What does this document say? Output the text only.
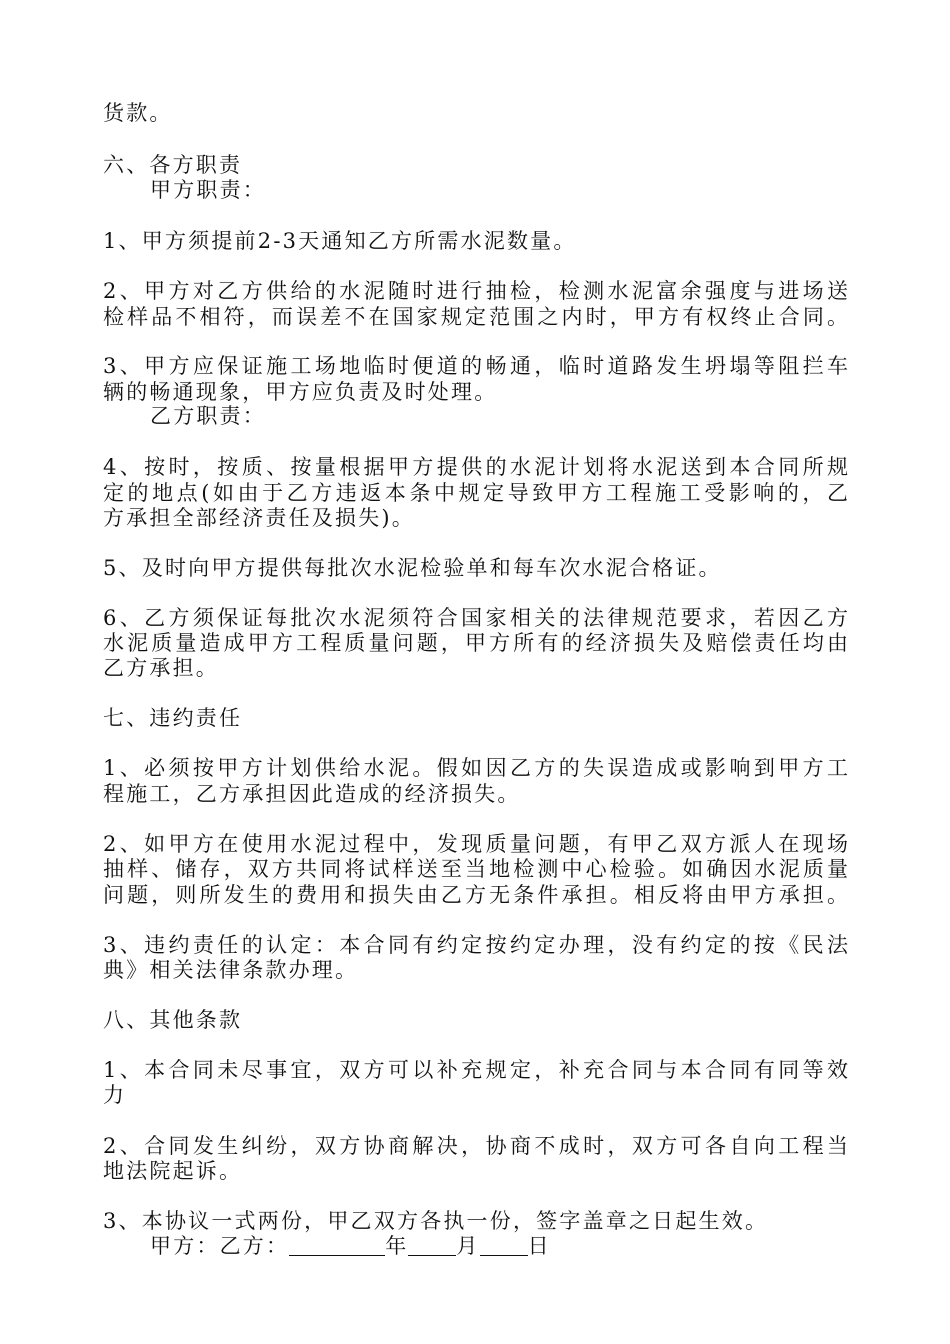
货款。
六、各方职责
甲方职责：
1、甲方须提前2-3天通知乙方所需水泥数量。
2、甲方对乙方供给的水泥随时进行抽检，检测水泥富余强度与进场送
检样品不相符，而误差不在国家规定范围之内时，甲方有权终止合同。
3、甲方应保证施工场地临时便道的畅通，临时道路发生坍塌等阻拦车
辆的畅通现象，甲方应负责及时处理。
乙方职责：
4、按时，按质、按量根据甲方提供的水泥计划将水泥送到本合同所规
定的地点(如由于乙方违返本条中规定导致甲方工程施工受影响的，乙
方承担全部经济责任及损失)。
5、及时向甲方提供每批次水泥检验单和每车次水泥合格证。
6、乙方须保证每批次水泥须符合国家相关的法律规范要求，若因乙方
水泥质量造成甲方工程质量问题，甲方所有的经济损失及赔偿责任均由
乙方承担。
七、违约责任
1、必须按甲方计划供给水泥。假如因乙方的失误造成或影响到甲方工
程施工，乙方承担因此造成的经济损失。
2、如甲方在使用水泥过程中，发现质量问题，有甲乙双方派人在现场
抽样、储存，双方共同将试样送至当地检测中心检验。如确因水泥质量
问题，则所发生的费用和损失由乙方无条件承担。相反将由甲方承担。
3、违约责任的认定：本合同有约定按约定办理，没有约定的按《民法
典》相关法律条款办理。
八、其他条款
1、本合同未尽事宜，双方可以补充规定，补充合同与本合同有同等效
力
2、合同发生纠纷，双方协商解决，协商不成时，双方可各自向工程当
地法院起诉。
3、本协议一式两份，甲乙双方各执一份，签字盖章之日起生效。
甲方：乙方：	年 月 日
